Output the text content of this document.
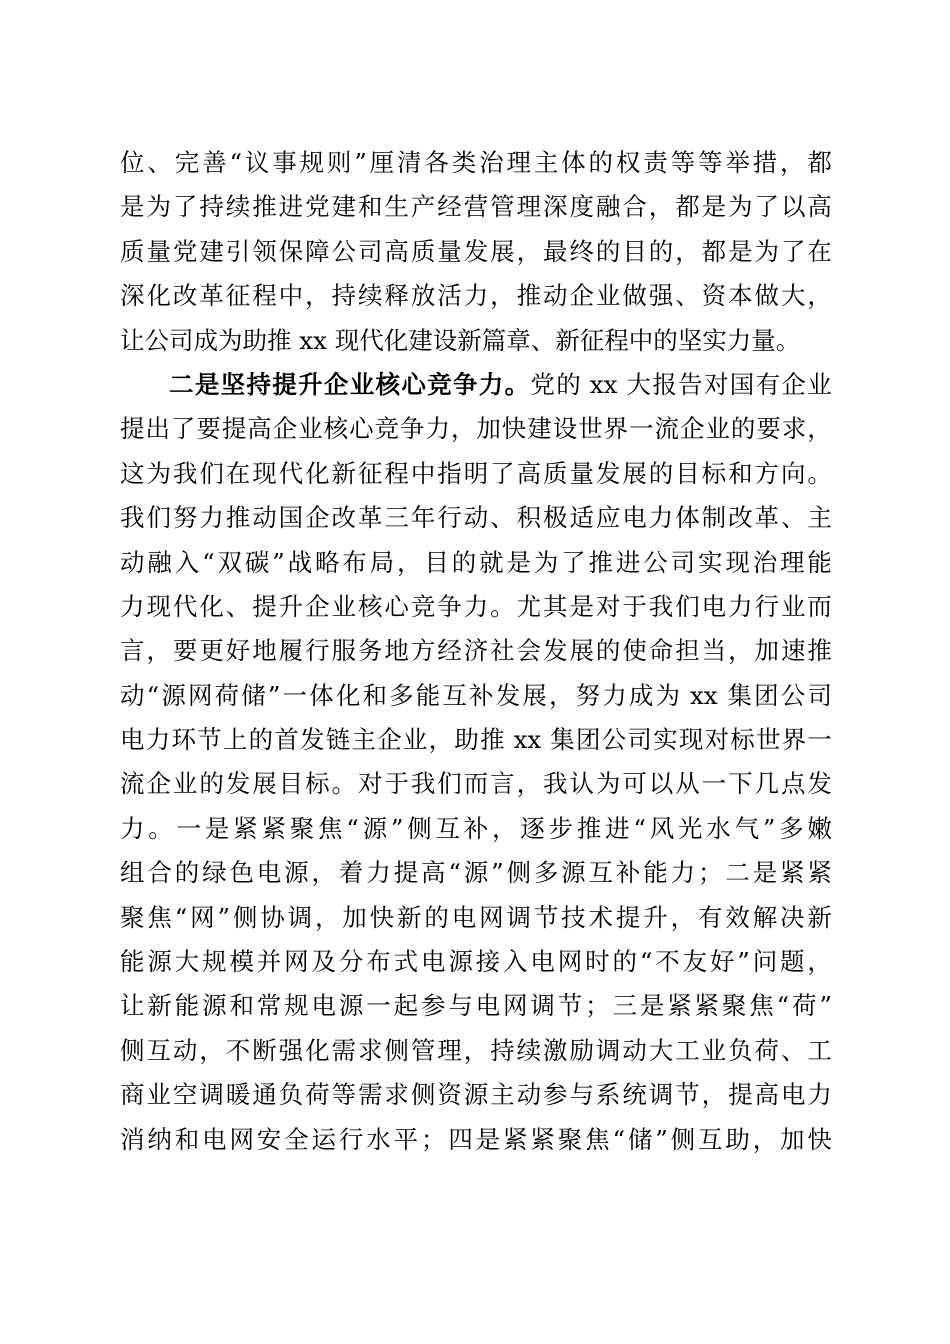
位 、 完 善 “ 议 事 规 则 ” 厘 清 各 类 治 理 主 体 的 权 责 等 等 举 措 ， 都
是 为 了 持 续 推 进 党 建 和 生 产 经 营 管 理 深 度 融 合 ， 都 是 为 了 以 高
质 量 党 建 引 领 保 障 公 司 高 质 量 发 展 ， 最 终 的 目 的 ， 都 是 为 了 在
深 化 改 革 征 程 中 ， 持 续 释 放 活 力 ， 推 动 企 业 做 强 、 资 本 做 大 ，
让 公 司 成 为 助 推 xx 现 代 化 建 设 新 篇 章 、 新 征 程 中 的 坚 实 力 量 。
二 是 坚 持 提 升 企 业 核 心 竞 争 力 。 党 的 xx 大 报 告 对 国 有 企 业
提 出 了 要 提 高 企 业 核 心 竞 争 力 ， 加 快 建 设 世 界 一 流 企 业 的 要 求 ，
这 为 我 们 在 现 代 化 新 征 程 中 指 明 了 高 质 量 发 展 的 目 标 和 方 向 。
我 们 努 力 推 动 国 企 改 革 三 年 行 动 、 积 极 适 应 电 力 体 制 改 革 、 主
动 融 入 “ 双 碳 ” 战 略 布 局 ， 目 的 就 是 为 了 推 进 公 司 实 现 治 理 能
力 现 代 化 、 提 升 企 业 核 心 竞 争 力 。 尤 其 是 对 于 我 们 电 力 行 业 而
言 ， 要 更 好 地 履 行 服 务 地 方 经 济 社 会 发 展 的 使 命 担 当 ， 加 速 推
动 “ 源 网 荷 储 ” 一 体 化 和 多 能 互 补 发 展 ， 努 力 成 为 xx 集 团 公 司
电 力 环 节 上 的 首 发 链 主 企 业 ， 助 推 xx 集 团 公 司 实 现 对 标 世 界 一
流 企 业 的 发 展 目 标 。 对 于 我 们 而 言 ， 我 认 为 可 以 从 一 下 几 点 发
力 。 一 是 紧 紧 聚 焦 “ 源 ” 侧 互 补 ， 逐 步 推 进 “ 风 光 水 气 ” 多 嫩
组 合 的 绿 色 电 源 ， 着 力 提 高 “ 源 ” 侧 多 源 互 补 能 力 ； 二 是 紧 紧
聚 焦 “ 网 ” 侧 协 调 ， 加 快 新 的 电 网 调 节 技 术 提 升 ， 有 效 解 决 新
能 源 大 规 模 并 网 及 分 布 式 电 源 接 入 电 网 时 的 “ 不 友 好 ” 问 题 ，
让 新 能 源 和 常 规 电 源 一 起 参 与 电 网 调 节 ； 三 是 紧 紧 聚 焦 “ 荷 ”
侧 互 动 ， 不 断 强 化 需 求 侧 管 理 ， 持 续 激 励 调 动 大 工 业 负 荷 、 工
商 业 空 调 暖 通 负 荷 等 需 求 侧 资 源 主 动 参 与 系 统 调 节 ， 提 高 电 力
消 纳 和 电 网 安 全 运 行 水 平 ； 四 是 紧 紧 聚 焦 “ 储 ” 侧 互 助 ， 加 快
